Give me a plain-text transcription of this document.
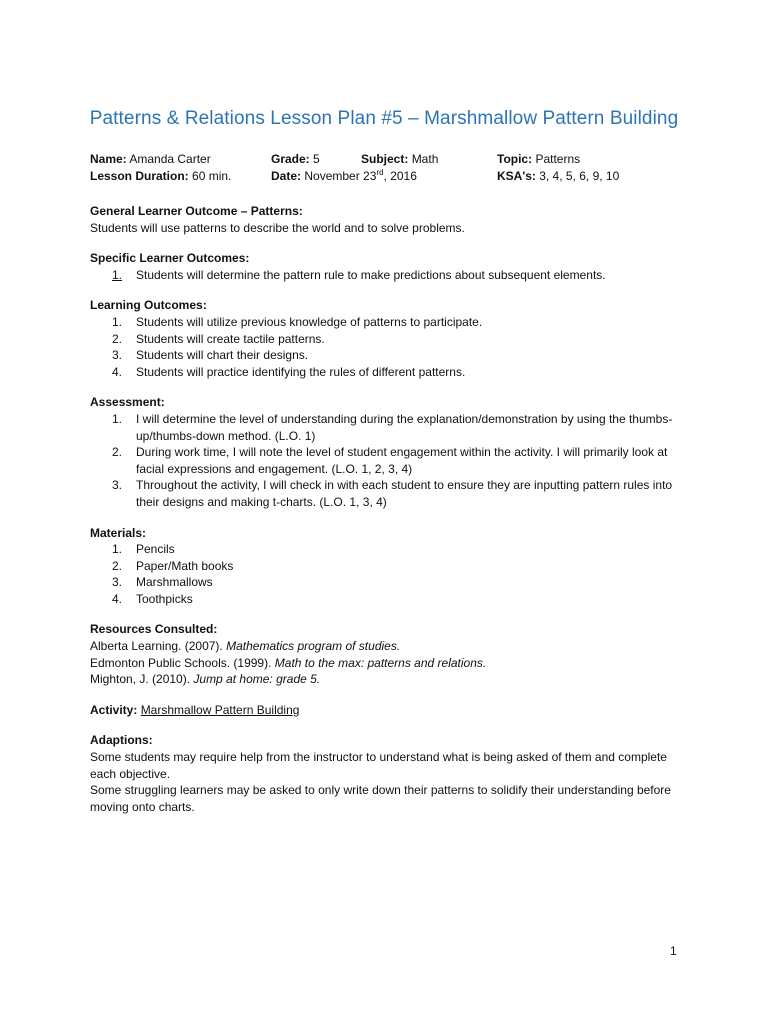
Patterns & Relations Lesson Plan #5 – Marshmallow Pattern Building
Name: Amanda Carter	Grade: 5	Subject: Math	Topic: Patterns
Lesson Duration: 60 min.	Date: November 23rd, 2016	KSA's: 3, 4, 5, 6, 9, 10
General Learner Outcome – Patterns:
Students will use patterns to describe the world and to solve problems.
Specific Learner Outcomes:
1. Students will determine the pattern rule to make predictions about subsequent elements.
Learning Outcomes:
1. Students will utilize previous knowledge of patterns to participate.
2. Students will create tactile patterns.
3. Students will chart their designs.
4. Students will practice identifying the rules of different patterns.
Assessment:
1. I will determine the level of understanding during the explanation/demonstration by using the thumbs-up/thumbs-down method. (L.O. 1)
2. During work time, I will note the level of student engagement within the activity. I will primarily look at facial expressions and engagement. (L.O. 1, 2, 3, 4)
3. Throughout the activity, I will check in with each student to ensure they are inputting pattern rules into their designs and making t-charts. (L.O. 1, 3, 4)
Materials:
1. Pencils
2. Paper/Math books
3. Marshmallows
4. Toothpicks
Resources Consulted:
Alberta Learning. (2007). Mathematics program of studies.
Edmonton Public Schools. (1999). Math to the max: patterns and relations.
Mighton, J. (2010). Jump at home: grade 5.
Activity: Marshmallow Pattern Building
Adaptions:
Some students may require help from the instructor to understand what is being asked of them and complete each objective.
Some struggling learners may be asked to only write down their patterns to solidify their understanding before moving onto charts.
1
